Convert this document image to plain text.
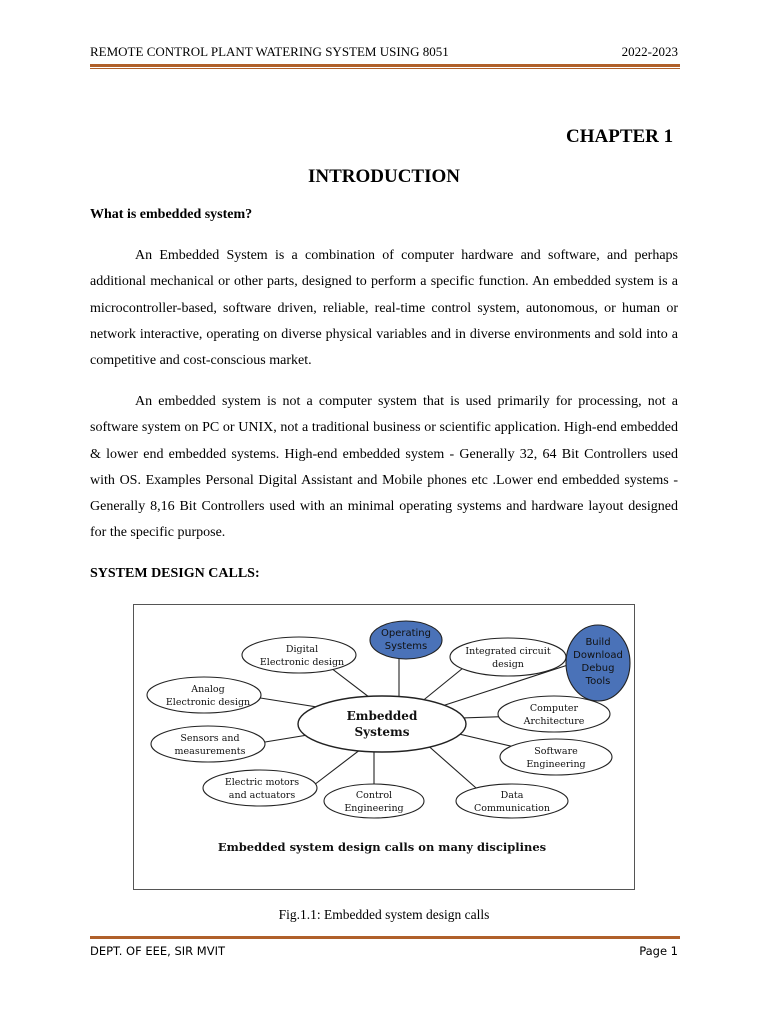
REMOTE CONTROL PLANT WATERING SYSTEM USING 8051	2022-2023
CHAPTER 1
INTRODUCTION
What is embedded system?
An Embedded System is a combination of computer hardware and software, and perhaps additional mechanical or other parts, designed to perform a specific function. An embedded system is a microcontroller-based, software driven, reliable, real-time control system, autonomous, or human or network interactive, operating on diverse physical variables and in diverse environments and sold into a competitive and cost-conscious market.
An embedded system is not a computer system that is used primarily for processing, not a software system on PC or UNIX, not a traditional business or scientific application. High-end embedded & lower end embedded systems. High-end embedded system - Generally 32, 64 Bit Controllers used with OS. Examples Personal Digital Assistant and Mobile phones etc .Lower end embedded systems - Generally 8,16 Bit Controllers used with an minimal operating systems and hardware layout designed for the specific purpose.
SYSTEM DESIGN CALLS:
Digital
Electronic design
Operating
Systems	Integrated circuit
design
Build
Download
Debug
Tools
Analog
Electronic design
Embedded
Systems
Computer
Architecture
Sensors and
measurements	Software
Engineering
Electric motors
and actuators	Control
Engineering
Data
Communication
Embedded system design calls on many disciplines
Fig.1.1: Embedded system design calls
DEPT. OF EEE, SIR MVIT	Page 1
